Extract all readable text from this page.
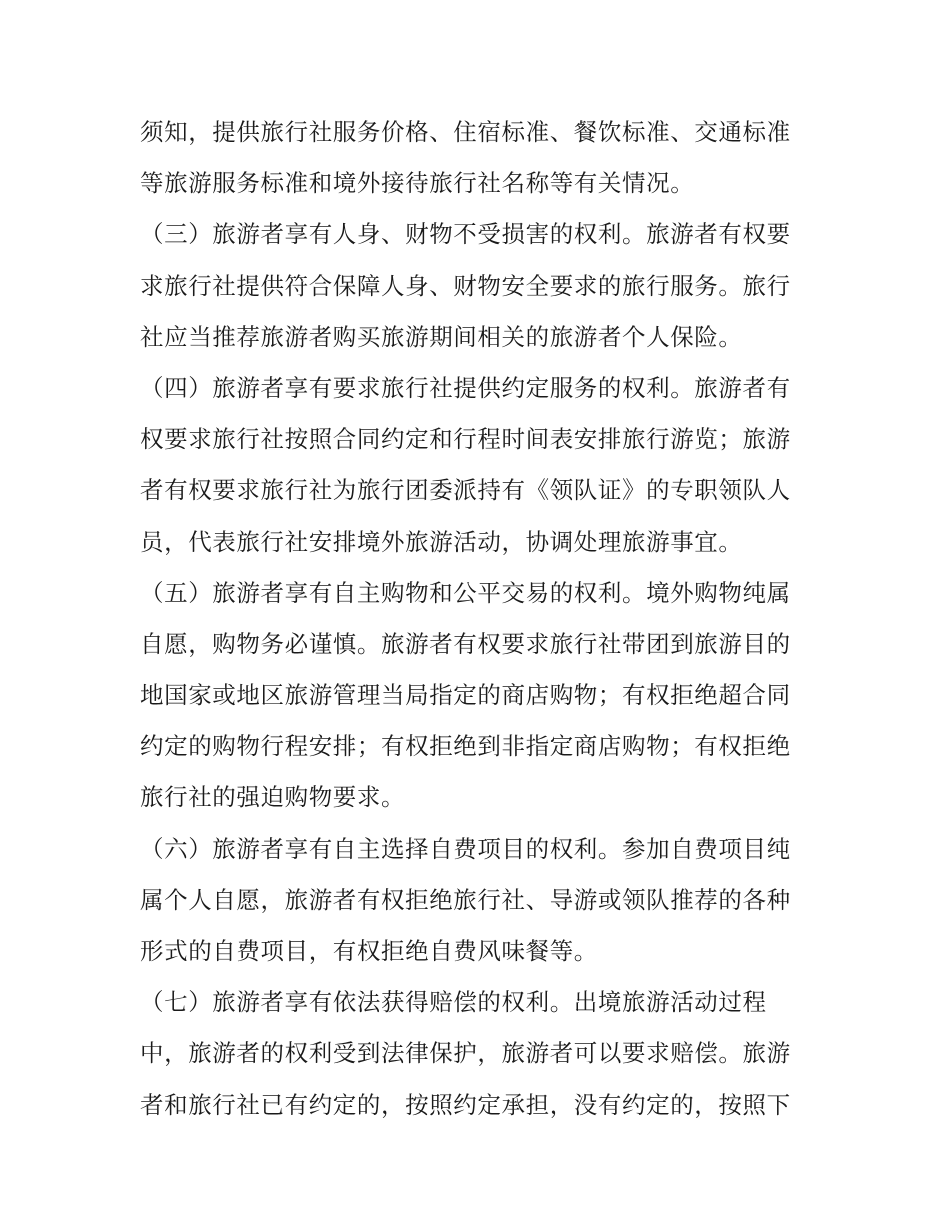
须知，提供旅行社服务价格、住宿标准、餐饮标准、交通标准
等旅游服务标准和境外接待旅行社名称等有关情况。
（三）旅游者享有人身、财物不受损害的权利。旅游者有权要
求旅行社提供符合保障人身、财物安全要求的旅行服务。旅行
社应当推荐旅游者购买旅游期间相关的旅游者个人保险。
（四）旅游者享有要求旅行社提供约定服务的权利。旅游者有
权要求旅行社按照合同约定和行程时间表安排旅行游览；旅游
者有权要求旅行社为旅行团委派持有《领队证》的专职领队人
员，代表旅行社安排境外旅游活动，协调处理旅游事宜。
（五）旅游者享有自主购物和公平交易的权利。境外购物纯属
自愿，购物务必谨慎。旅游者有权要求旅行社带团到旅游目的
地国家或地区旅游管理当局指定的商店购物；有权拒绝超合同
约定的购物行程安排；有权拒绝到非指定商店购物；有权拒绝
旅行社的强迫购物要求。
（六）旅游者享有自主选择自费项目的权利。参加自费项目纯
属个人自愿，旅游者有权拒绝旅行社、导游或领队推荐的各种
形式的自费项目，有权拒绝自费风味餐等。
（七）旅游者享有依法获得赔偿的权利。出境旅游活动过程
中，旅游者的权利受到法律保护，旅游者可以要求赔偿。旅游
者和旅行社已有约定的，按照约定承担，没有约定的，按照下
